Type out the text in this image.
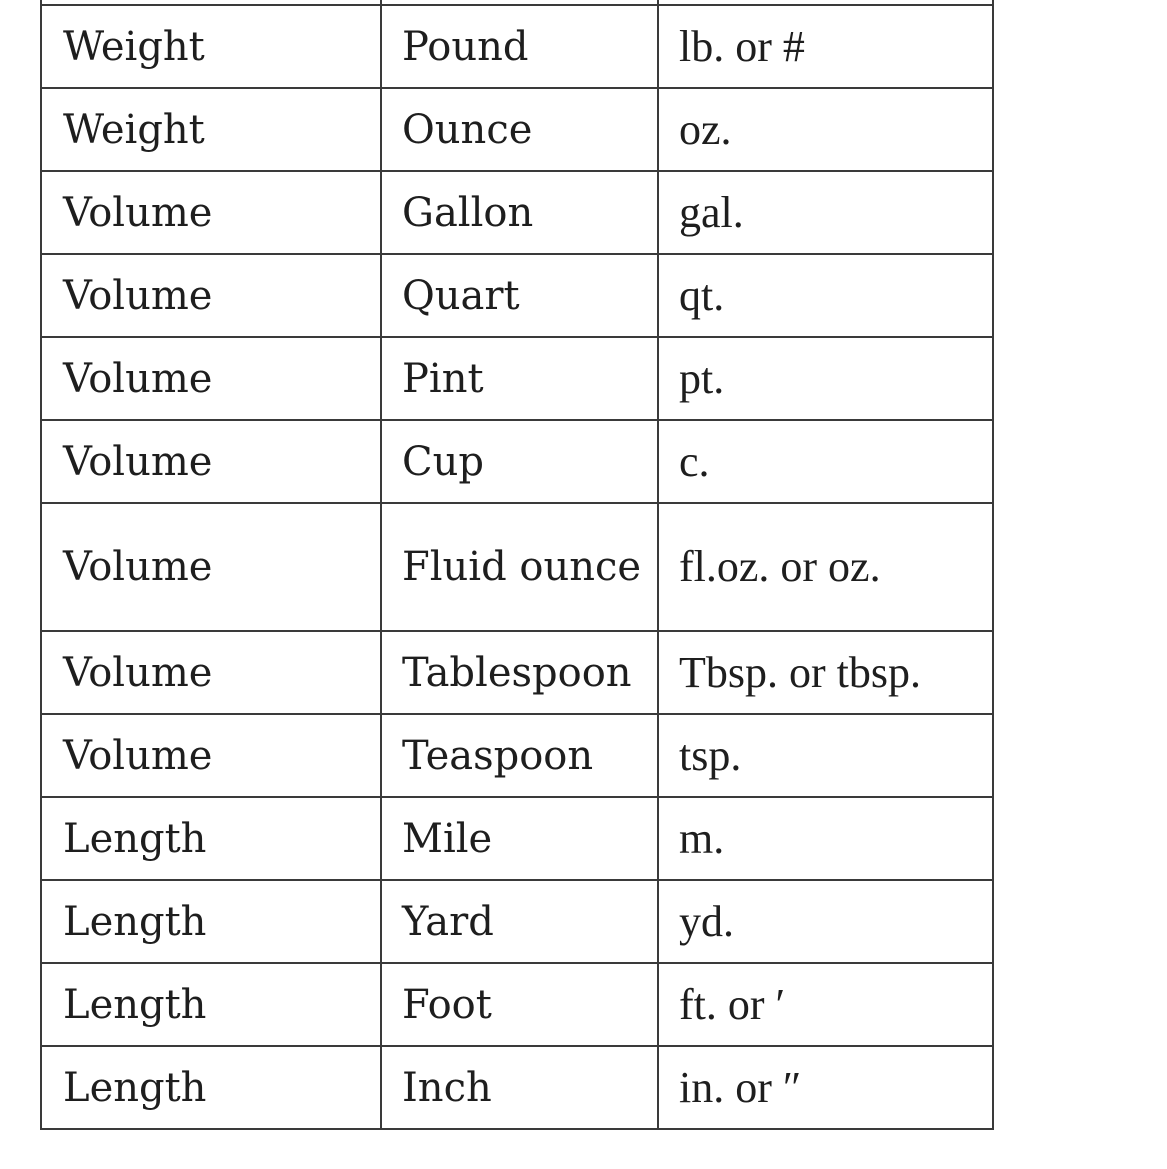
Weight	Pound	lb. or #
Weight	Ounce	oz.
Volume	Gallon	gal.
Volume	Quart	qt.
Volume	Pint	pt.
Volume	Cup	c.
Volume	Fluid ounce	fl.oz. or oz.
Volume	Tablespoon	Tbsp. or tbsp.
Volume	Teaspoon	tsp.
Length	Mile	m.
Length	Yard	yd.
Length	Foot	ft. or ′
Length	Inch	in. or ″
